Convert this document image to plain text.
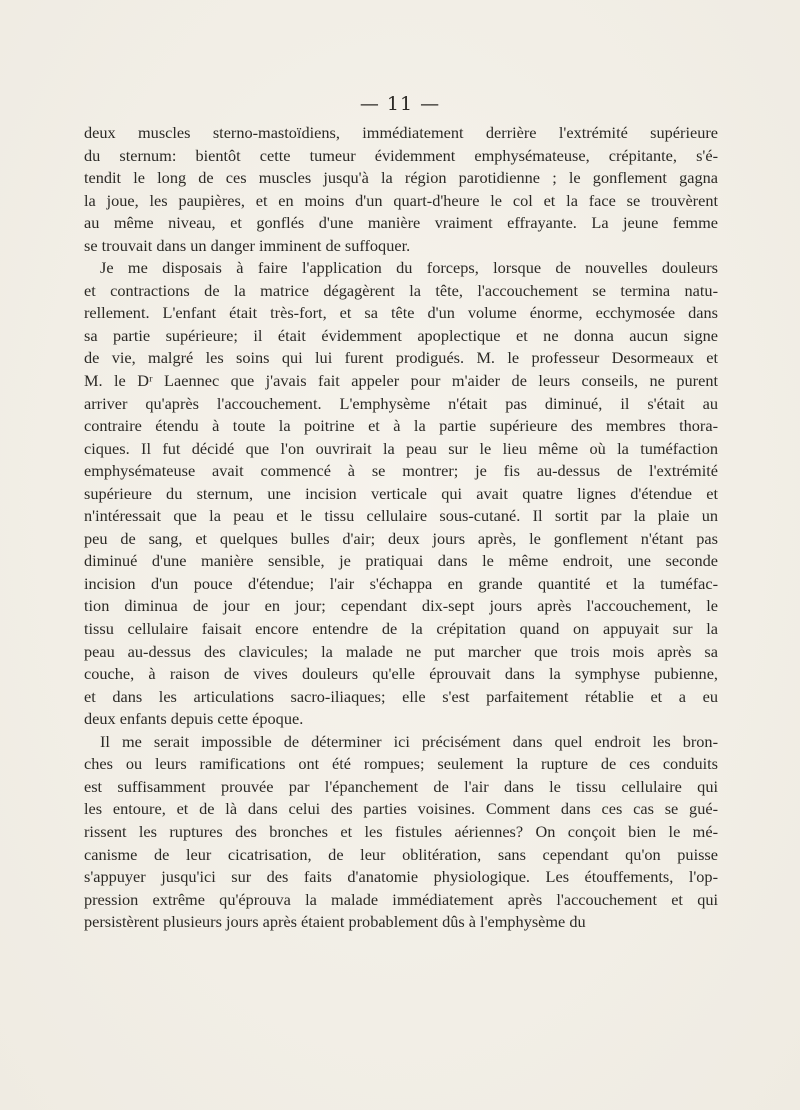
— 11 —

deux muscles sterno-mastoïdiens, immédiatement derrière l'extrémité supérieure

du sternum: bientôt cette tumeur évidemment emphysémateuse, crépitante, s'é-

tendit le long de ces muscles jusqu'à la région parotidienne ; le gonflement gagna

la joue, les paupières, et en moins d'un quart-d'heure le col et la face se trouvèrent

au même niveau, et gonflés d'une manière vraiment effrayante. La jeune femme

se trouvait dans un danger imminent de suffoquer.

Je me disposais à faire l'application du forceps, lorsque de nouvelles douleurs

et contractions de la matrice dégagèrent la tête, l'accouchement se termina natu-

rellement. L'enfant était très-fort, et sa tête d'un volume énorme, ecchymosée dans

sa partie supérieure; il était évidemment apoplectique et ne donna aucun signe

de vie, malgré les soins qui lui furent prodigués. M. le professeur Desormeaux et

M. le Dʳ Laennec que j'avais fait appeler pour m'aider de leurs conseils, ne purent

arriver qu'après l'accouchement. L'emphysème n'était pas diminué, il s'était au

contraire étendu à toute la poitrine et à la partie supérieure des membres thora-

ciques. Il fut décidé que l'on ouvrirait la peau sur le lieu même où la tuméfaction

emphysémateuse avait commencé à se montrer; je fis au-dessus de l'extrémité

supérieure du sternum, une incision verticale qui avait quatre lignes d'étendue et

n'intéressait que la peau et le tissu cellulaire sous-cutané. Il sortit par la plaie un

peu de sang, et quelques bulles d'air; deux jours après, le gonflement n'étant pas

diminué d'une manière sensible, je pratiquai dans le même endroit, une seconde

incision d'un pouce d'étendue; l'air s'échappa en grande quantité et la tuméfac-

tion diminua de jour en jour; cependant dix-sept jours après l'accouchement, le

tissu cellulaire faisait encore entendre de la crépitation quand on appuyait sur la

peau au-dessus des clavicules; la malade ne put marcher que trois mois après sa

couche, à raison de vives douleurs qu'elle éprouvait dans la symphyse pubienne,

et dans les articulations sacro-iliaques; elle s'est parfaitement rétablie et a eu

deux enfants depuis cette époque.

Il me serait impossible de déterminer ici précisément dans quel endroit les bron-

ches ou leurs ramifications ont été rompues; seulement la rupture de ces conduits

est suffisamment prouvée par l'épanchement de l'air dans le tissu cellulaire qui

les entoure, et de là dans celui des parties voisines. Comment dans ces cas se gué-

rissent les ruptures des bronches et les fistules aériennes? On conçoit bien le mé-

canisme de leur cicatrisation, de leur oblitération, sans cependant qu'on puisse

s'appuyer jusqu'ici sur des faits d'anatomie physiologique. Les étouffements, l'op-

pression extrême qu'éprouva la malade immédiatement après l'accouchement et qui

persistèrent plusieurs jours après étaient probablement dûs à l'emphysème du
